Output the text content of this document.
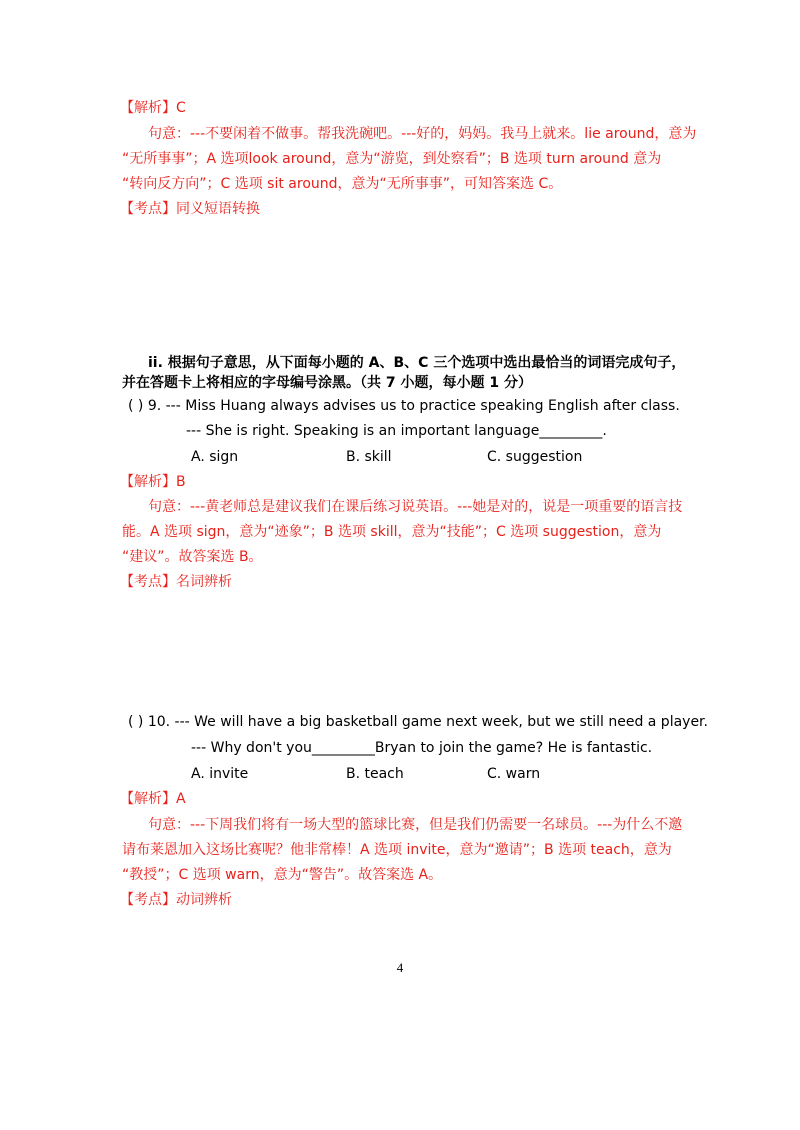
【解析】C
句意：---不要闲着不做事。帮我洗碗吧。---好的，妈妈。我马上就来。lie around，意为
“无所事事”；A 选项look around，意为“游览，到处察看”；B 选项 turn around 意为
“转向反方向”；C 选项 sit around，意为“无所事事”，可知答案选 C。
【考点】同义短语转换
ii. 根据句子意思，从下面每小题的 A、B、C 三个选项中选出最恰当的词语完成句子，
并在答题卡上将相应的字母编号涂黑。（共 7 小题，每小题 1 分）
( ) 9. --- Miss Huang always advises us to practice speaking English after class.
--- She is right. Speaking is an important language_________.
A. sign	B. skill	C. suggestion
【解析】B
句意：---黄老师总是建议我们在课后练习说英语。---她是对的，说是一项重要的语言技
能。A 选项 sign，意为“迹象”；B 选项 skill，意为“技能”；C 选项 suggestion，意为
“建议”。故答案选 B。
【考点】名词辨析
( ) 10. --- We will have a big basketball game next week, but we still need a player.
--- Why don't you_________Bryan to join the game? He is fantastic.
A. invite	B. teach	C. warn
【解析】A
句意：---下周我们将有一场大型的篮球比赛，但是我们仍需要一名球员。---为什么不邀
请布莱恩加入这场比赛呢？他非常棒！A 选项 invite，意为“邀请”；B 选项 teach，意为
“教授”；C 选项 warn，意为“警告”。故答案选 A。
【考点】动词辨析
4
